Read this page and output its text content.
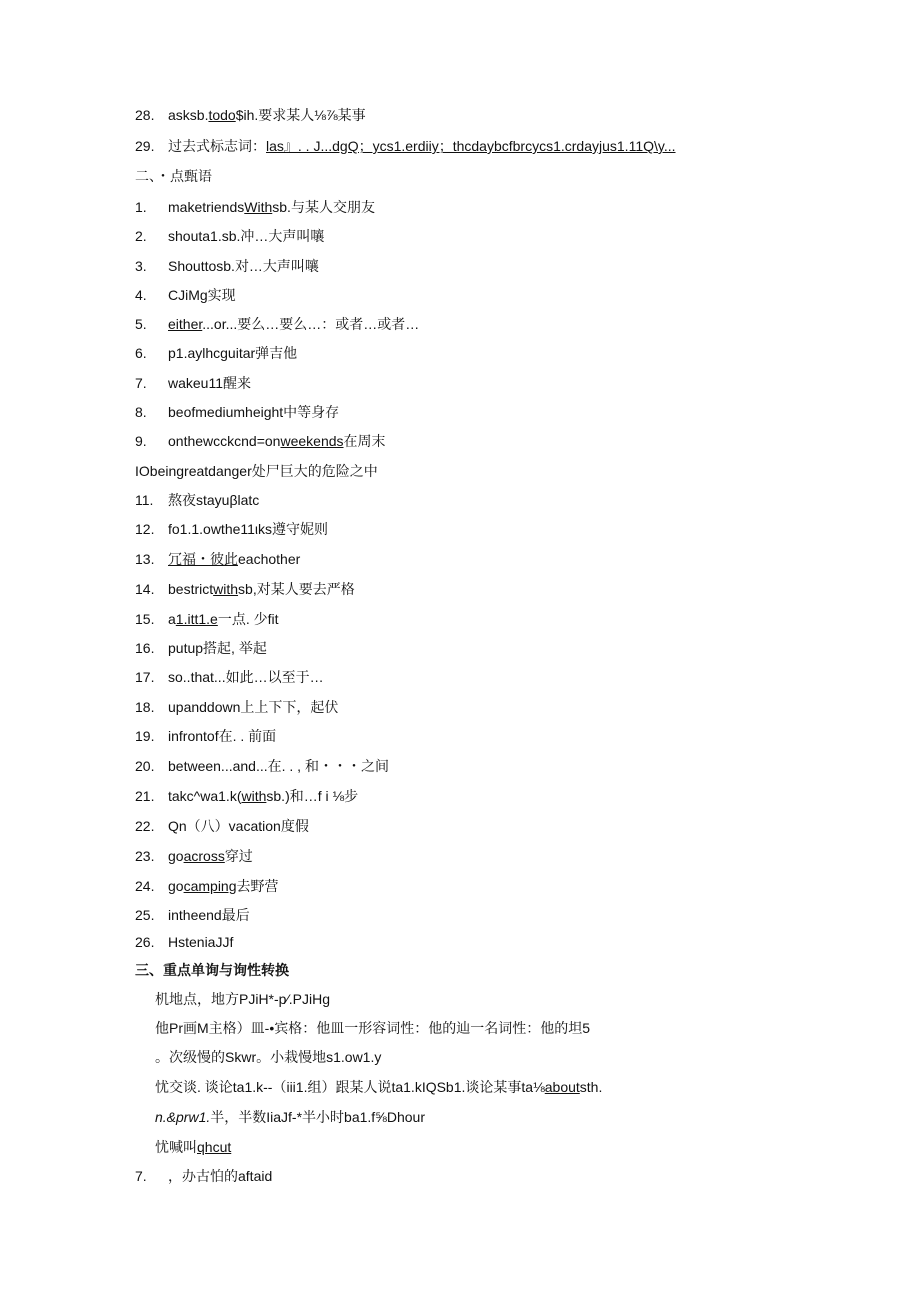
28. asksb.todo$ih.要求某人⅛⅞某事
29. 过去式标志词：las』. . J...dgQ；ycs1.erdiiy；thcdaybcfbrcycs1.crdayjus1.11Q\y...
二、・点甄语
1. maketriendsWithsb.与某人交朋友
2. shouta1.sb.冲…大声叫嚷
3. Shouttosb.对…大声叫嚷
4. CJiMg实现
5. either...or...要么…要么…：或者…或者…
6. p1.aylhcguitar弹吉他
7. wakeu11醒来
8. beofmediumheight中等身存
9. onthewcckcnd=onweekends在周末
IObeingreatdanger处尸巨大的危险之中
11. 熬夜stayuβlatc
12. fo1.1.owthe11ιks遵守妮则
13. 冗福・彼此eachother
14. bestrictwithsb,对某人要去严格
15. a1.itt1.e一点. 少fit
16. putup搭起, 举起
17. so..that...如此…以至于…
18. upanddown上上下下，起伏
19. infrontof在. . 前面
20. between...and...在. . , 和・・・之间
21. takc^wa1.k(withsb.)和…f i ⅛步
22. Qn（八）vacation度假
23. goacross穿过
24. gocamping去野营
25. intheend最后
26. HsteniaJJf
三、重点单询与询性转换
机地点，地方PJiH*-p⁄.PJiHg
他Pr画M主格）皿-•宾格：他皿一形容词性：他的辿一名词性：他的坦5
。次级慢的Skwr。小栽慢地s1.ow1.y
忧交谈. 谈论ta1.k--（iii1.组）跟某人说ta1.kIQSb1.谈论某事ta⅛aboutsth.
n.&prw1.半，半数IiaJf-*半小时ba1.f⅝Dhour
忧喊叫qhcut
7. ，办古怕的aftaid
